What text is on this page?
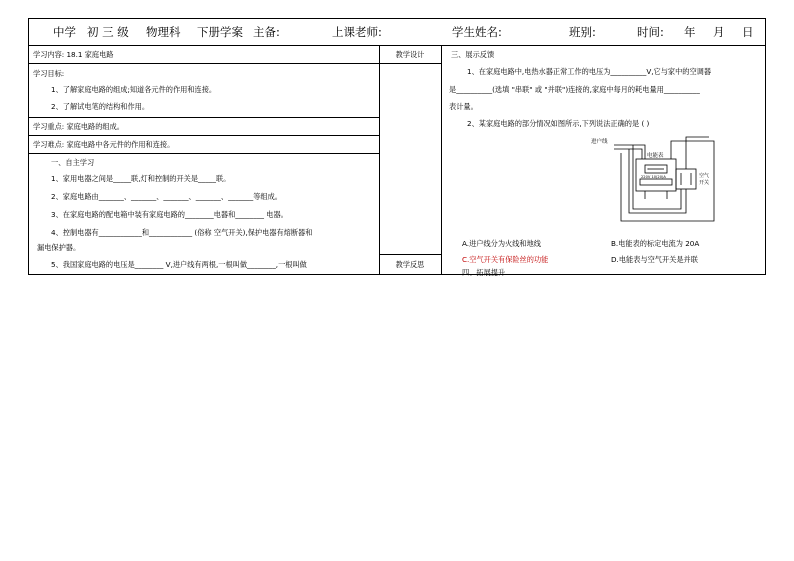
中学 初 三 级 物理科 下册学案 主备:	上课老师:	学生姓名:	班别:	时间: 年 月 日
学习内容: 18.1 家庭电路
学习目标:
1、了解家庭电路的组成;知道各元件的作用和连接。
2、了解试电笔的结构和作用。
学习重点: 家庭电路的组成。
学习难点: 家庭电路中各元件的作用和连接。
一、自主学习
1、家用电器之间是_____联,灯和控制的开关是_____联。
2、家庭电路由_______、_______、_______、_______、_______等组成。
3、在家庭电路的配电箱中装有家庭电路的________电器和________ 电器。
4、控制电器有____________和____________ (俗称 空气开关),保护电器有熔断器和
漏电保护器。
5、我国家庭电路的电压是________ V,进户线有两根,一根叫做________,一根叫做
教学设计
教学反思
三、展示反馈
1、在家庭电路中,电热水器正常工作的电压为__________V,它与家中的空调器
是__________(选填 "串联" 或 "并联")连接的,家庭中每月的耗电量用__________
表计量。
2、某家庭电路的部分情况如图所示,下列说法正确的是 ( )
进户线
电能表
220V 10(20)A	空气
开关
A.进户线分为火线和地线	B.电能表的标定电流为 20A
C.空气开关有保险丝的功能	D.电能表与空气开关是并联
四、拓展提升
